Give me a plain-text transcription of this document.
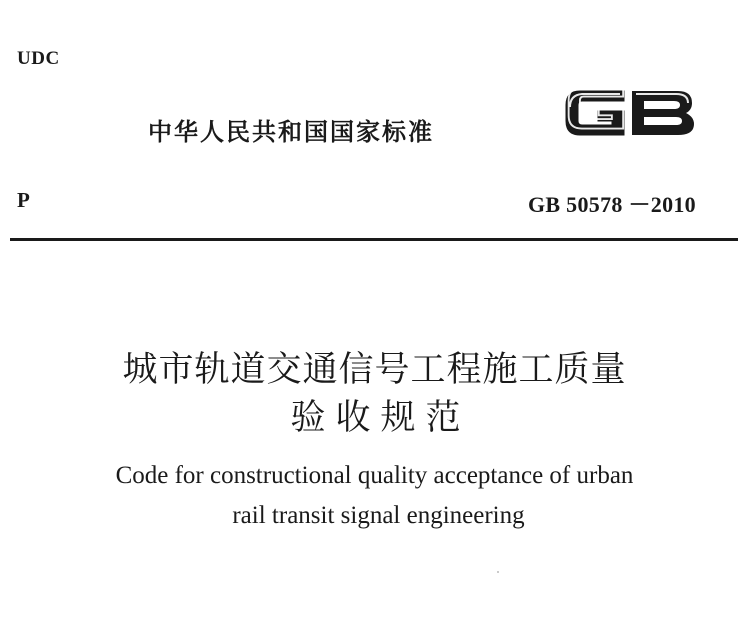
UDC
中华人民共和国国家标准
P	GB 50578 －2010
城市轨道交通信号工程施工质量
验收规范
Code for constructional quality acceptance of urban
rail transit signal engineering
